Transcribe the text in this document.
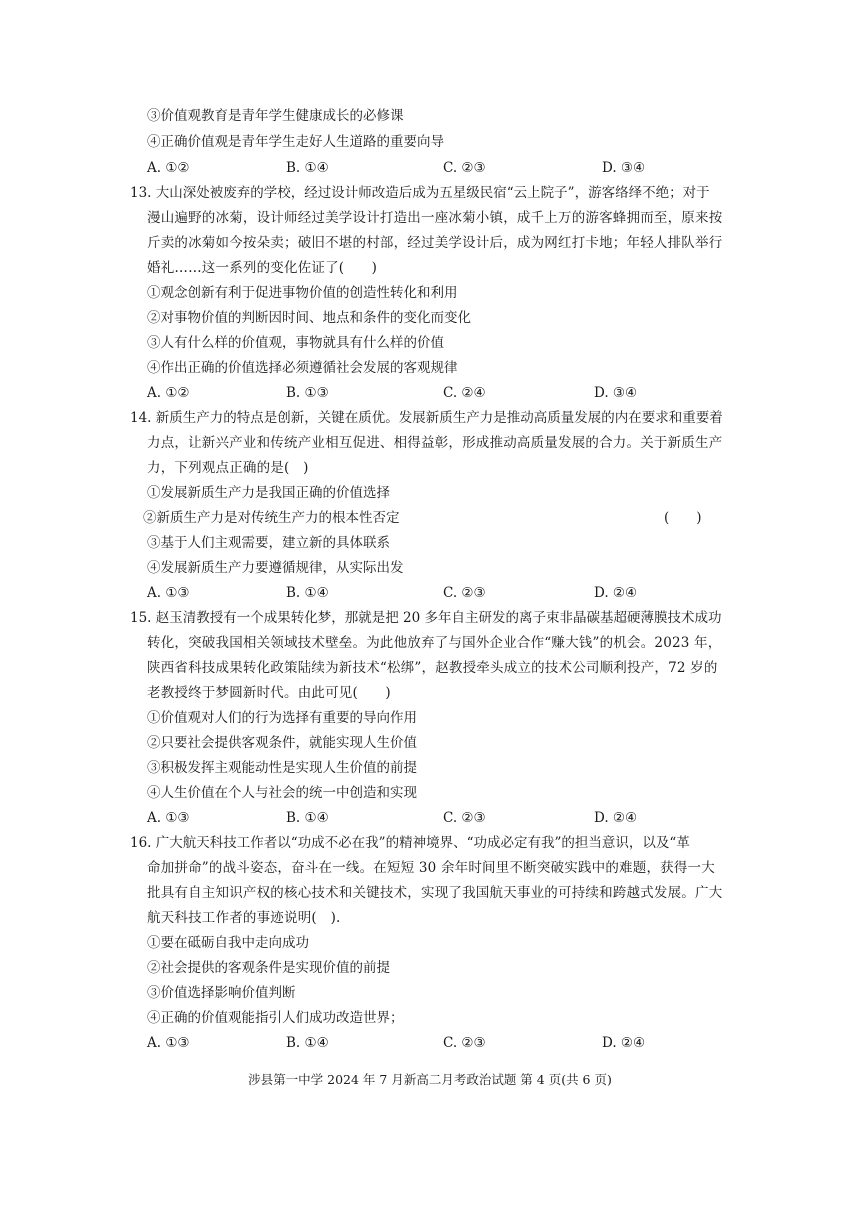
③价值观教育是青年学生健康成长的必修课
④正确价值观是青年学生走好人生道路的重要向导
A. ①②	B. ①④	C. ②③	D. ③④
13. 大山深处被废弃的学校，经过设计师改造后成为五星级民宿“云上院子”，游客络绎不绝；对于
漫山遍野的冰菊，设计师经过美学设计打造出一座冰菊小镇，成千上万的游客蜂拥而至，原来按
斤卖的冰菊如今按朵卖；破旧不堪的村部，经过美学设计后，成为网红打卡地；年轻人排队举行
婚礼……这一系列的变化佐证了(　　)
①观念创新有利于促进事物价值的创造性转化和利用
②对事物价值的判断因时间、地点和条件的变化而变化
③人有什么样的价值观，事物就具有什么样的价值
④作出正确的价值选择必须遵循社会发展的客观规律
A. ①②	B. ①③	C. ②④	D. ③④
14. 新质生产力的特点是创新，关键在质优。发展新质生产力是推动高质量发展的内在要求和重要着
力点，让新兴产业和传统产业相互促进、相得益彰，形成推动高质量发展的合力。关于新质生产
力，下列观点正确的是(　)
①发展新质生产力是我国正确的价值选择
②新质生产力是对传统生产力的根本性否定	(　　)
③基于人们主观需要，建立新的具体联系
④发展新质生产力要遵循规律，从实际出发
A. ①③	B. ①④	C. ②③	D. ②④
15. 赵玉清教授有一个成果转化梦，那就是把 20 多年自主研发的离子束非晶碳基超硬薄膜技术成功
转化，突破我国相关领域技术壁垒。为此他放弃了与国外企业合作“赚大钱”的机会。2023 年，
陕西省科技成果转化政策陆续为新技术“松绑”，赵教授牵头成立的技术公司顺利投产，72 岁的
老教授终于梦圆新时代。由此可见(　　)
①价值观对人们的行为选择有重要的导向作用
②只要社会提供客观条件，就能实现人生价值
③积极发挥主观能动性是实现人生价值的前提
④人生价值在个人与社会的统一中创造和实现
A. ①③	B. ①④	C. ②③	D. ②④
16. 广大航天科技工作者以“功成不必在我”的精神境界、“功成必定有我”的担当意识，以及“革
命加拼命”的战斗姿态，奋斗在一线。在短短 30 余年时间里不断突破实践中的难题，获得一大
批具有自主知识产权的核心技术和关键技术，实现了我国航天事业的可持续和跨越式发展。广大
航天科技工作者的事迹说明(　).
①要在砥砺自我中走向成功
②社会提供的客观条件是实现价值的前提
③价值选择影响价值判断
④正确的价值观能指引人们成功改造世界；
A. ①③	B. ①④	C. ②③	D. ②④
涉县第一中学 2024 年 7 月新高二月考政治试题 第 4 页(共 6 页)
